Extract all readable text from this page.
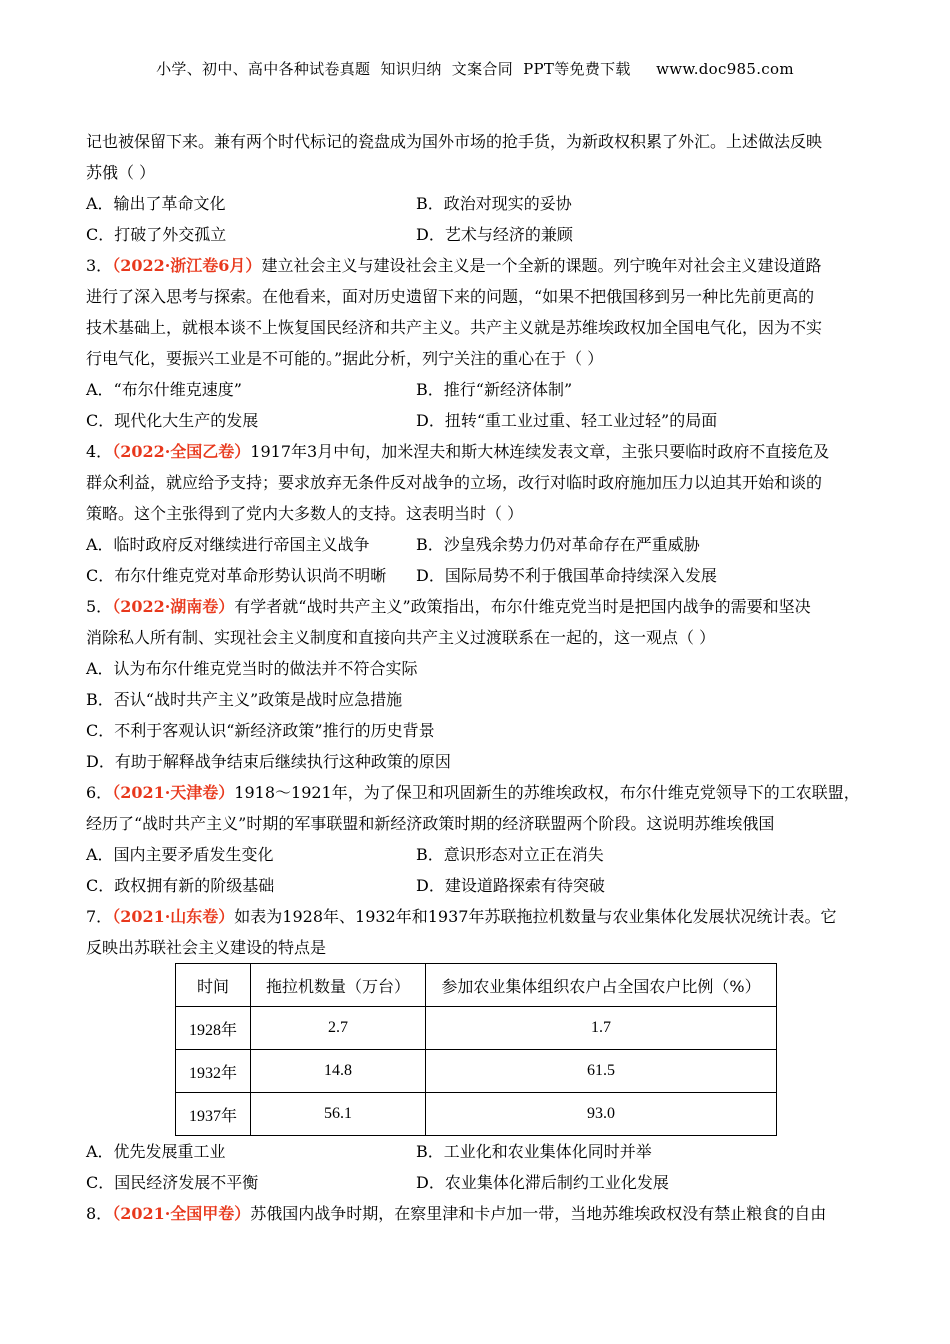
小学、初中、高中各种试卷真题  知识归纳  文案合同  PPT等免费下载     www.doc985.com
记也被保留下来。兼有两个时代标记的瓷盘成为国外市场的抢手货，为新政权积累了外汇。上述做法反映
苏俄（ ）
A．输出了革命文化	B．政治对现实的妥协
C．打破了外交孤立	D．艺术与经济的兼顾
3．（2022·浙江卷6月）建立社会主义与建设社会主义是一个全新的课题。列宁晚年对社会主义建设道路
进行了深入思考与探索。在他看来，面对历史遗留下来的问题，“如果不把俄国移到另一种比先前更高的
技术基础上，就根本谈不上恢复国民经济和共产主义。共产主义就是苏维埃政权加全国电气化，因为不实
行电气化，要振兴工业是不可能的。”据此分析，列宁关注的重心在于（ ）
A．“布尔什维克速度”	B．推行“新经济体制”
C．现代化大生产的发展	D．扭转“重工业过重、轻工业过轻”的局面
4．（2022·全国乙卷）1917年3月中旬，加米涅夫和斯大林连续发表文章，主张只要临时政府不直接危及
群众利益，就应给予支持；要求放弃无条件反对战争的立场，改行对临时政府施加压力以迫其开始和谈的
策略。这个主张得到了党内大多数人的支持。这表明当时（ ）
A．临时政府反对继续进行帝国主义战争	B．沙皇残余势力仍对革命存在严重威胁
C．布尔什维克党对革命形势认识尚不明晰	D．国际局势不利于俄国革命持续深入发展
5．（2022·湖南卷）有学者就“战时共产主义”政策指出，布尔什维克党当时是把国内战争的需要和坚决
消除私人所有制、实现社会主义制度和直接向共产主义过渡联系在一起的，这一观点（ ）
A．认为布尔什维克党当时的做法并不符合实际
B．否认“战时共产主义”政策是战时应急措施
C．不利于客观认识“新经济政策”推行的历史背景
D．有助于解释战争结束后继续执行这种政策的原因
6．（2021·天津卷）1918～1921年，为了保卫和巩固新生的苏维埃政权，布尔什维克党领导下的工农联盟，
经历了“战时共产主义”时期的军事联盟和新经济政策时期的经济联盟两个阶段。这说明苏维埃俄国
A．国内主要矛盾发生变化	B．意识形态对立正在消失
C．政权拥有新的阶级基础	D．建设道路探索有待突破
7．（2021·山东卷）如表为1928年、1932年和1937年苏联拖拉机数量与农业集体化发展状况统计表。它
反映出苏联社会主义建设的特点是
时间	拖拉机数量（万台）	参加农业集体组织农户占全国农户比例（%）
1928年	2.7	1.7
1932年	14.8	61.5
1937年	56.1	93.0
A．优先发展重工业	B．工业化和农业集体化同时并举
C．国民经济发展不平衡	D．农业集体化滞后制约工业化发展
8．（2021·全国甲卷）苏俄国内战争时期，在察里津和卡卢加一带，当地苏维埃政权没有禁止粮食的自由
